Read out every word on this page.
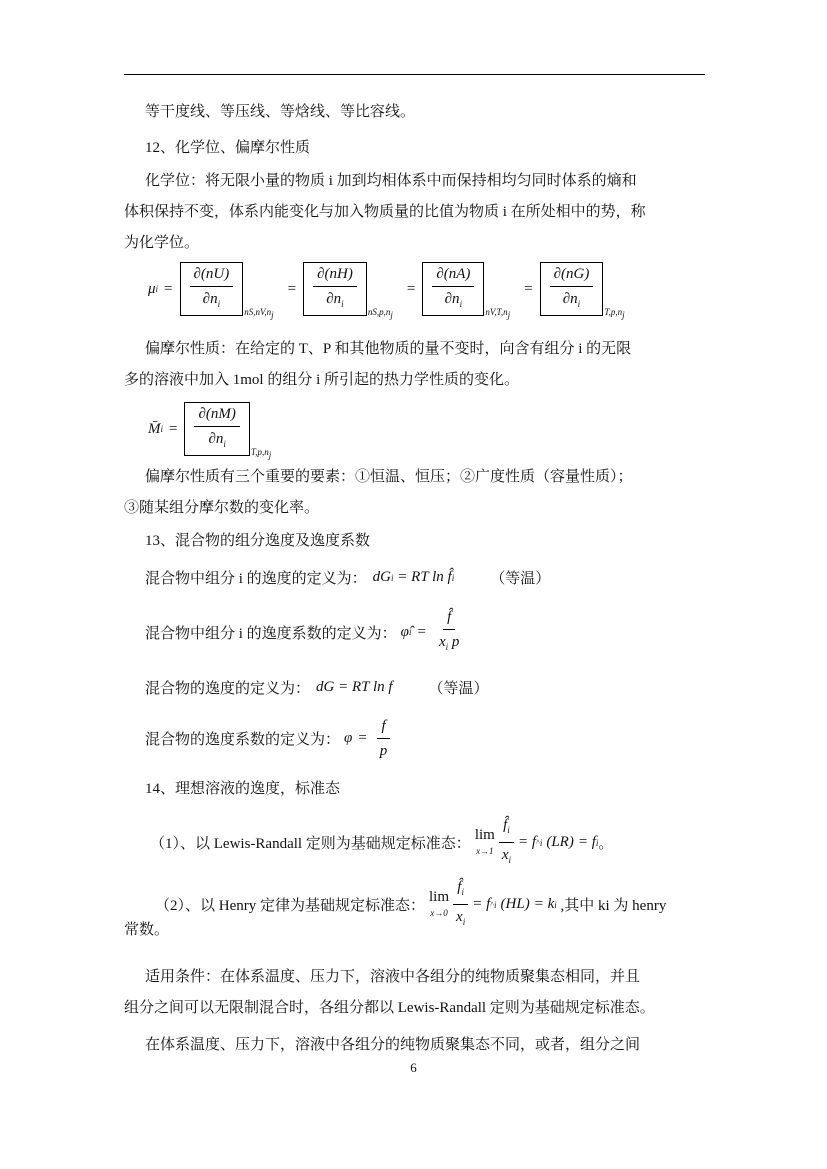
等干度线、等压线、等焓线、等比容线。
12、化学位、偏摩尔性质
化学位：将无限小量的物质 i 加到均相体系中而保持相均匀同时体系的熵和
体积保持不变，体系内能变化与加入物质量的比值为物质 i 在所处相中的势，称
为化学位。
μ $i = \frac{\partial(nU)}{\partial n_i} nS,nV,n_j$
= $\frac{\partial(nH)}{\partial n_i} nS,p,n_j$
= $\frac{\partial(nA)}{\partial n_i} nV,T,n_j$
= $\frac{\partial(nG)}{\partial n_i} T,p,n_j$
偏摩尔性质：在给定的 T、P 和其他物质的量不变时，向含有组分 i 的无限
多的溶液中加入 1mol 的组分 i 所引起的热力学性质的变化。
M̄ $i = \frac{\partial(nM)}{\partial n_i} T,p,n_j$
偏摩尔性质有三个重要的要素：①恒温、恒压；②广度性质（容量性质）；
③随某组分摩尔数的变化率。
13、混合物的组分逸度及逸度系数
混合物中组分 i 的逸度的定义为： dG i = RT ln f̂ i （等温）
混合物中组分 i 的逸度系数的定义为： φ̂ $i = \frac{f̂}{x_i p}$
混合物的逸度的定义为： dG = RT ln f （等温）
混合物的逸度系数的定义为： $\varphi = \frac{f}{p}$
14、理想溶液的逸度，标准态
（1）、以 Lewis-Randall 定则为基础规定标准态：
lim
$x\to 1 \frac{f̂_i}{x_i} = f$ ^ i (LR) = f i 。
（2）、以 Henry 定律为基础规定标准态：
lim
$x\to 0 \frac{f̂_i}{x_i} = f$ ^ i (HL) = k i ,其中 ki 为 henry
常数。
适用条件：在体系温度、压力下，溶液中各组分的纯物质聚集态相同，并且
组分之间可以无限制混合时，各组分都以 Lewis-Randall 定则为基础规定标准态。
在体系温度、压力下，溶液中各组分的纯物质聚集态不同，或者，组分之间
6
